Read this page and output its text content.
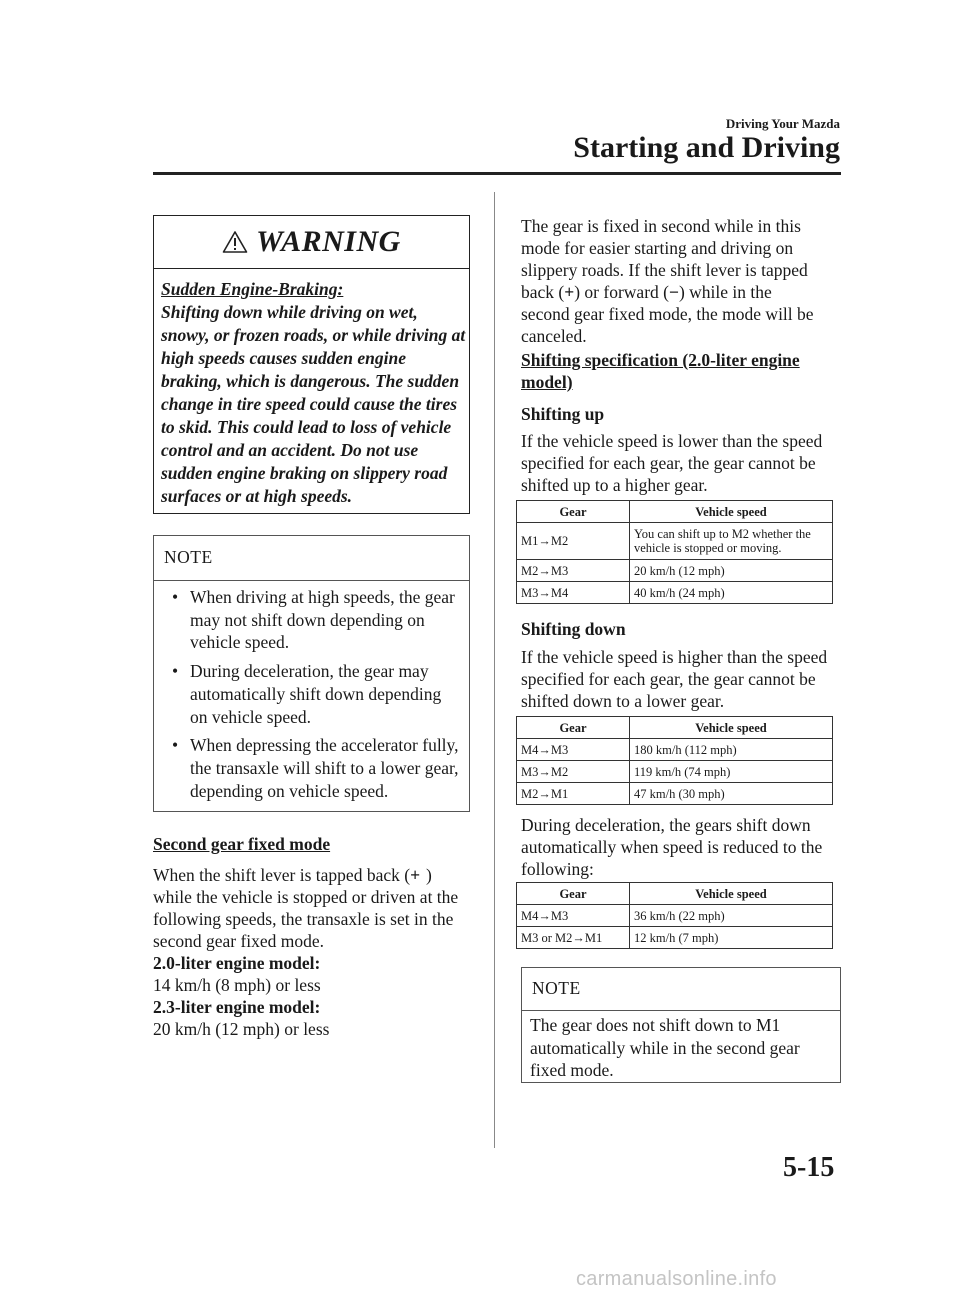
Driving Your Mazda
Starting and Driving
WARNING
Sudden Engine-Braking:
Shifting down while driving on wet, snowy, or frozen roads, or while driving at high speeds causes sudden engine braking, which is dangerous. The sudden change in tire speed could cause the tires to skid. This could lead to loss of vehicle control and an accident. Do not use sudden engine braking on slippery road surfaces or at high speeds.
NOTE
• When driving at high speeds, the gear may not shift down depending on vehicle speed.
• During deceleration, the gear may automatically shift down depending on vehicle speed.
• When depressing the accelerator fully, the transaxle will shift to a lower gear, depending on vehicle speed.
Second gear fixed mode
When the shift lever is tapped back (+ )
while the vehicle is stopped or driven at the following speeds, the transaxle is set in the second gear fixed mode.
2.0-liter engine model:
14 km/h (8 mph) or less
2.3-liter engine model:
20 km/h (12 mph) or less
The gear is fixed in second while in this mode for easier starting and driving on slippery roads. If the shift lever is tapped
back (+) or forward (−) while in the
second gear fixed mode, the mode will be canceled.
Shifting specification (2.0-liter engine model)
Shifting up
If the vehicle speed is lower than the speed specified for each gear, the gear cannot be shifted up to a higher gear.
Gear	Vehicle speed
M1→M2	You can shift up to M2 whether the vehicle is stopped or moving.
M2→M3	20 km/h (12 mph)
M3→M4	40 km/h (24 mph)
Shifting down
If the vehicle speed is higher than the speed specified for each gear, the gear cannot be shifted down to a lower gear.
Gear	Vehicle speed
M4→M3	180 km/h (112 mph)
M3→M2	119 km/h (74 mph)
M2→M1	47 km/h (30 mph)
During deceleration, the gears shift down automatically when speed is reduced to the following:
Gear	Vehicle speed
M4→M3	36 km/h (22 mph)
M3 or M2→M1	12 km/h (7 mph)
NOTE
The gear does not shift down to M1 automatically while in the second gear fixed mode.
5-15
carmanualsonline.info
